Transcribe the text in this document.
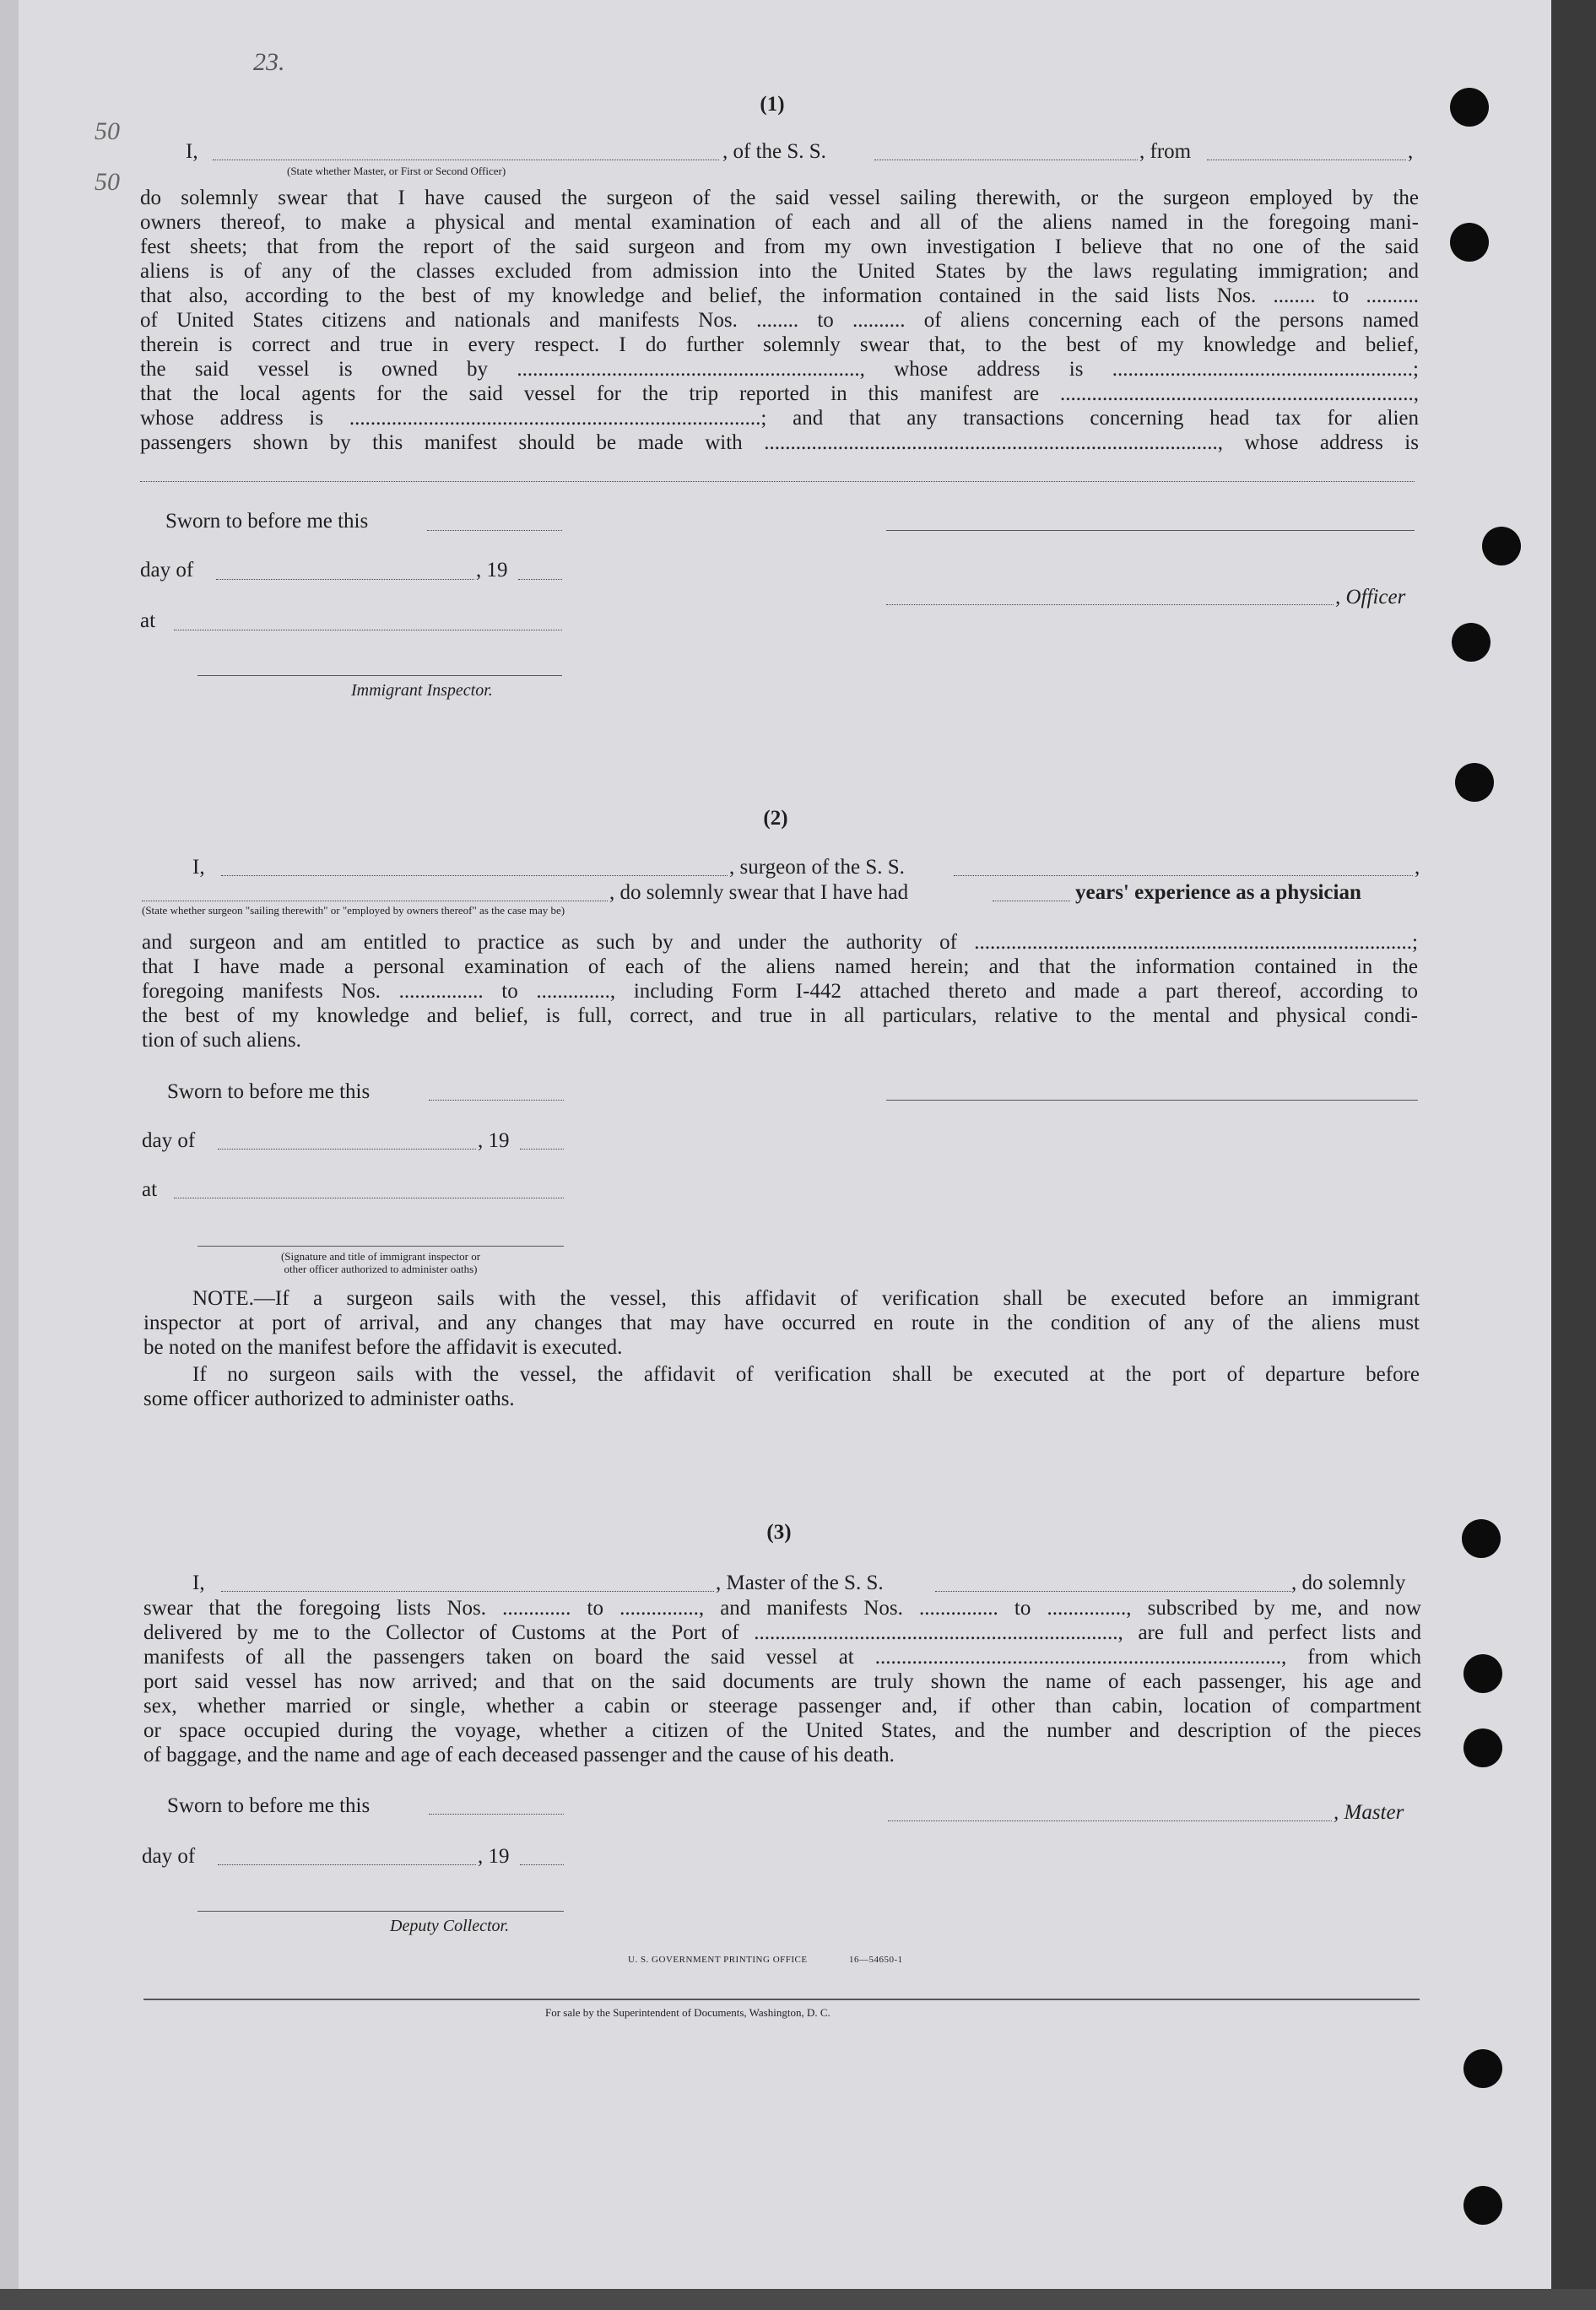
23.
50
50
(1)
I,	, of the S. S.	, from	,
(State whether Master, or First or Second Officer)
do solemnly swear that I have caused the surgeon of the said vessel sailing therewith, or the surgeon employed by the
owners thereof, to make a physical and mental examination of each and all of the aliens named in the foregoing mani-
fest sheets; that from the report of the said surgeon and from my own investigation I believe that no one of the said
aliens is of any of the classes excluded from admission into the United States by the laws regulating immigration; and
that also, according to the best of my knowledge and belief, the information contained in the said lists Nos. ........ to ..........
of United States citizens and nationals and manifests Nos. ........ to .......... of aliens concerning each of the persons named
therein is correct and true in every respect. I do further solemnly swear that, to the best of my knowledge and belief,
the said vessel is owned by ................................................................., whose address is .........................................................;
that the local agents for the said vessel for the trip reported in this manifest are ...................................................................,
whose address is ..............................................................................; and that any transactions concerning head tax for alien
passengers shown by this manifest should be made with ......................................................................................, whose address is
Sworn to before me this
day of	, 19
, Officer
at
Immigrant Inspector.
(2)
I,	, surgeon of the S. S.	,
, do solemnly swear that I have had	years' experience as a physician
(State whether surgeon "sailing therewith" or "employed by owners thereof" as the case may be)
and surgeon and am entitled to practice as such by and under the authority of ...................................................................................;
that I have made a personal examination of each of the aliens named herein; and that the information contained in the
foregoing manifests Nos. ................ to .............., including Form I-442 attached thereto and made a part thereof, according to
the best of my knowledge and belief, is full, correct, and true in all particulars, relative to the mental and physical condi-
tion of such aliens.
Sworn to before me this
day of	, 19
at
(Signature and title of immigrant inspector or
other officer authorized to administer oaths)
NOTE.—If a surgeon sails with the vessel, this affidavit of verification shall be executed before an immigrant
inspector at port of arrival, and any changes that may have occurred en route in the condition of any of the aliens must
be noted on the manifest before the affidavit is executed.
If no surgeon sails with the vessel, the affidavit of verification shall be executed at the port of departure before
some officer authorized to administer oaths.
(3)
I,	, Master of the S. S.	, do solemnly
swear that the foregoing lists Nos. ............. to ..............., and manifests Nos. ............... to ..............., subscribed by me, and now
delivered by me to the Collector of Customs at the Port of ....................................................................., are full and perfect lists and
manifests of all the passengers taken on board the said vessel at ............................................................................., from which
port said vessel has now arrived; and that on the said documents are truly shown the name of each passenger, his age and
sex, whether married or single, whether a cabin or steerage passenger and, if other than cabin, location of compartment
or space occupied during the voyage, whether a citizen of the United States, and the number and description of the pieces
of baggage, and the name and age of each deceased passenger and the cause of his death.
Sworn to before me this	, Master
day of	, 19
Deputy Collector.
U. S. GOVERNMENT PRINTING OFFICE	16—54650-1
For sale by the Superintendent of Documents, Washington, D. C.
